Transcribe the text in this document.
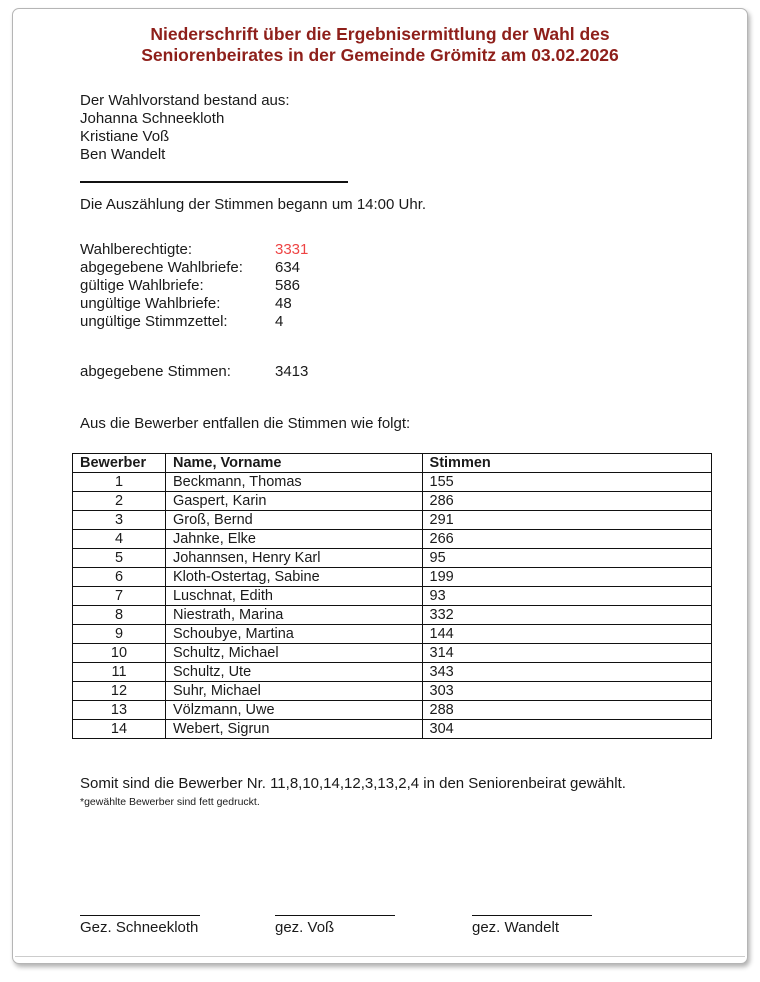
Niederschrift über die Ergebnisermittlung der Wahl des
Seniorenbeirates in der Gemeinde Grömitz am 03.02.2026
Der Wahlvorstand bestand aus:
Johanna Schneekloth
Kristiane Voß
Ben Wandelt
Die Auszählung der Stimmen begann um 14:00 Uhr.
Wahlberechtigte:	3331
abgegebene Wahlbriefe:	634
gültige Wahlbriefe:	586
ungültige Wahlbriefe:	48
ungültige Stimmzettel:	4
abgegebene Stimmen:	3413
Aus die Bewerber entfallen die Stimmen wie folgt:
Bewerber	Name, Vorname	Stimmen
1	Beckmann, Thomas	155
2	Gaspert, Karin	286
3	Groß, Bernd	291
4	Jahnke, Elke	266
5	Johannsen, Henry Karl	95
6	Kloth-Ostertag, Sabine	199
7	Luschnat, Edith	93
8	Niestrath, Marina	332
9	Schoubye, Martina	144
10	Schultz, Michael	314
11	Schultz, Ute	343
12	Suhr, Michael	303
13	Völzmann, Uwe	288
14	Webert, Sigrun	304
Somit sind die Bewerber Nr. 11,8,10,14,12,3,13,2,4 in den Seniorenbeirat gewählt.
*gewählte Bewerber sind fett gedruckt.
Gez. Schneekloth	gez. Voß	gez. Wandelt
